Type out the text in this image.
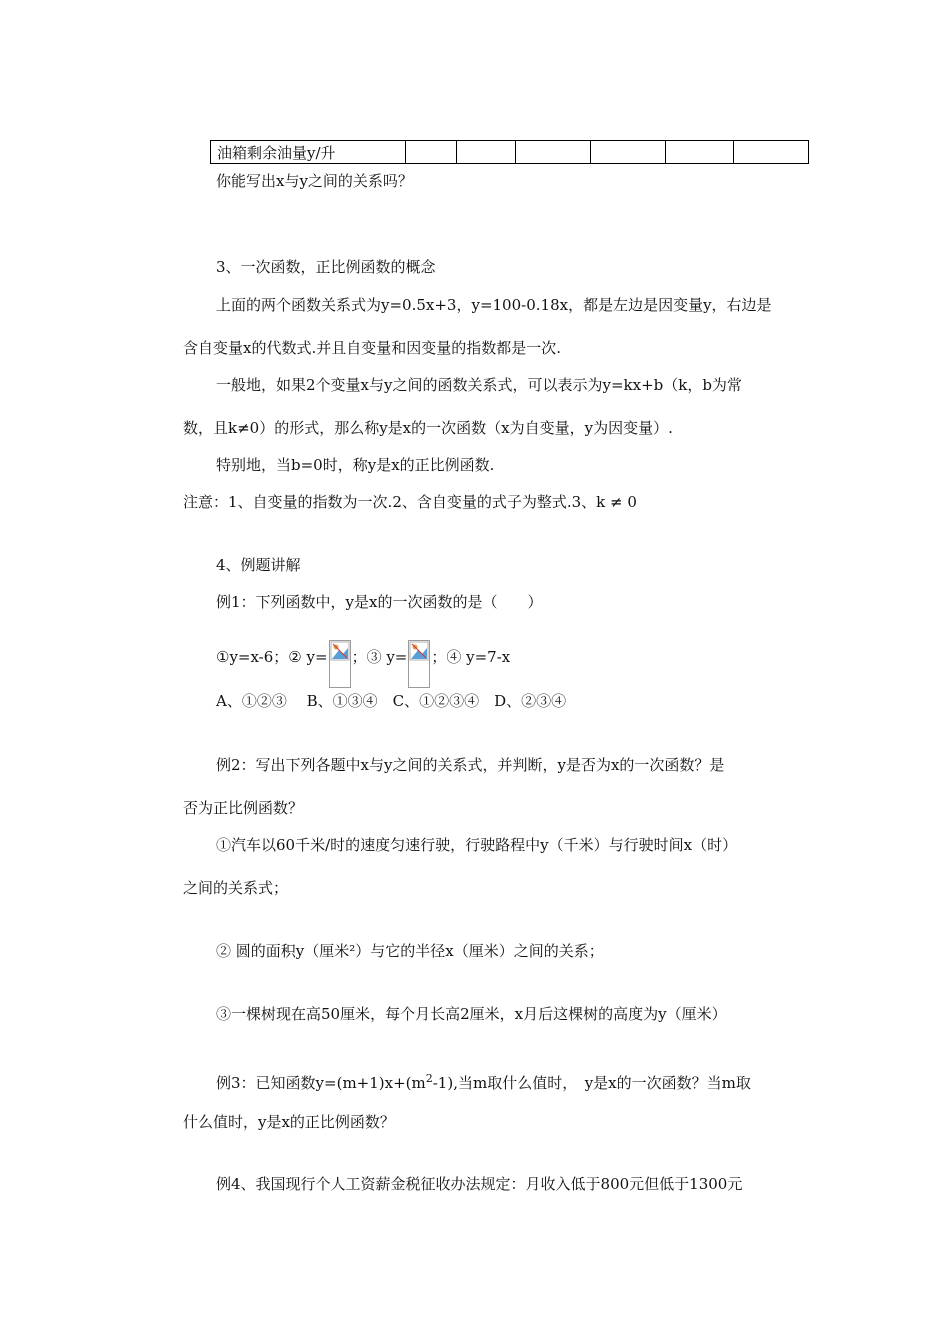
油箱剩余油量y/升						
你能写出x与y之间的关系吗？
3、一次函数，正比例函数的概念
上面的两个函数关系式为y=0.5x+3，y=100-0.18x，都是左边是因变量y，右边是
含自变量x的代数式.并且自变量和因变量的指数都是一次.
一般地，如果2个变量x与y之间的函数关系式，可以表示为y=kx+b（k，b为常
数，且k≠0）的形式，那么称y是x的一次函数（x为自变量，y为因变量）.
特别地，当b=0时，称y是x的正比例函数.
注意：1、自变量的指数为一次.2、含自变量的式子为整式.3、k ≠ 0
4、例题讲解
例1：下列函数中，y是x的一次函数的是（　　）
①y=x-6；② y= ；③ y= ；④ y=7-x
A、①②③　 B、①③④　C、①②③④　D、②③④
例2：写出下列各题中x与y之间的关系式，并判断，y是否为x的一次函数？是
否为正比例函数？
①汽车以60千米/时的速度匀速行驶，行驶路程中y（千米）与行驶时间x（时）
之间的关系式；
② 圆的面积y（厘米²）与它的半径x（厘米）之间的关系；
③一棵树现在高50厘米，每个月长高2厘米，x月后这棵树的高度为y（厘米）
例3：已知函数$y=(m+1)x+(m^2-1)$,当m取什么值时，　y是x的一次函数？当m取
什么值时，y是x的正比例函数？
例4、我国现行个人工资薪金税征收办法规定：月收入低于800元但低于1300元
